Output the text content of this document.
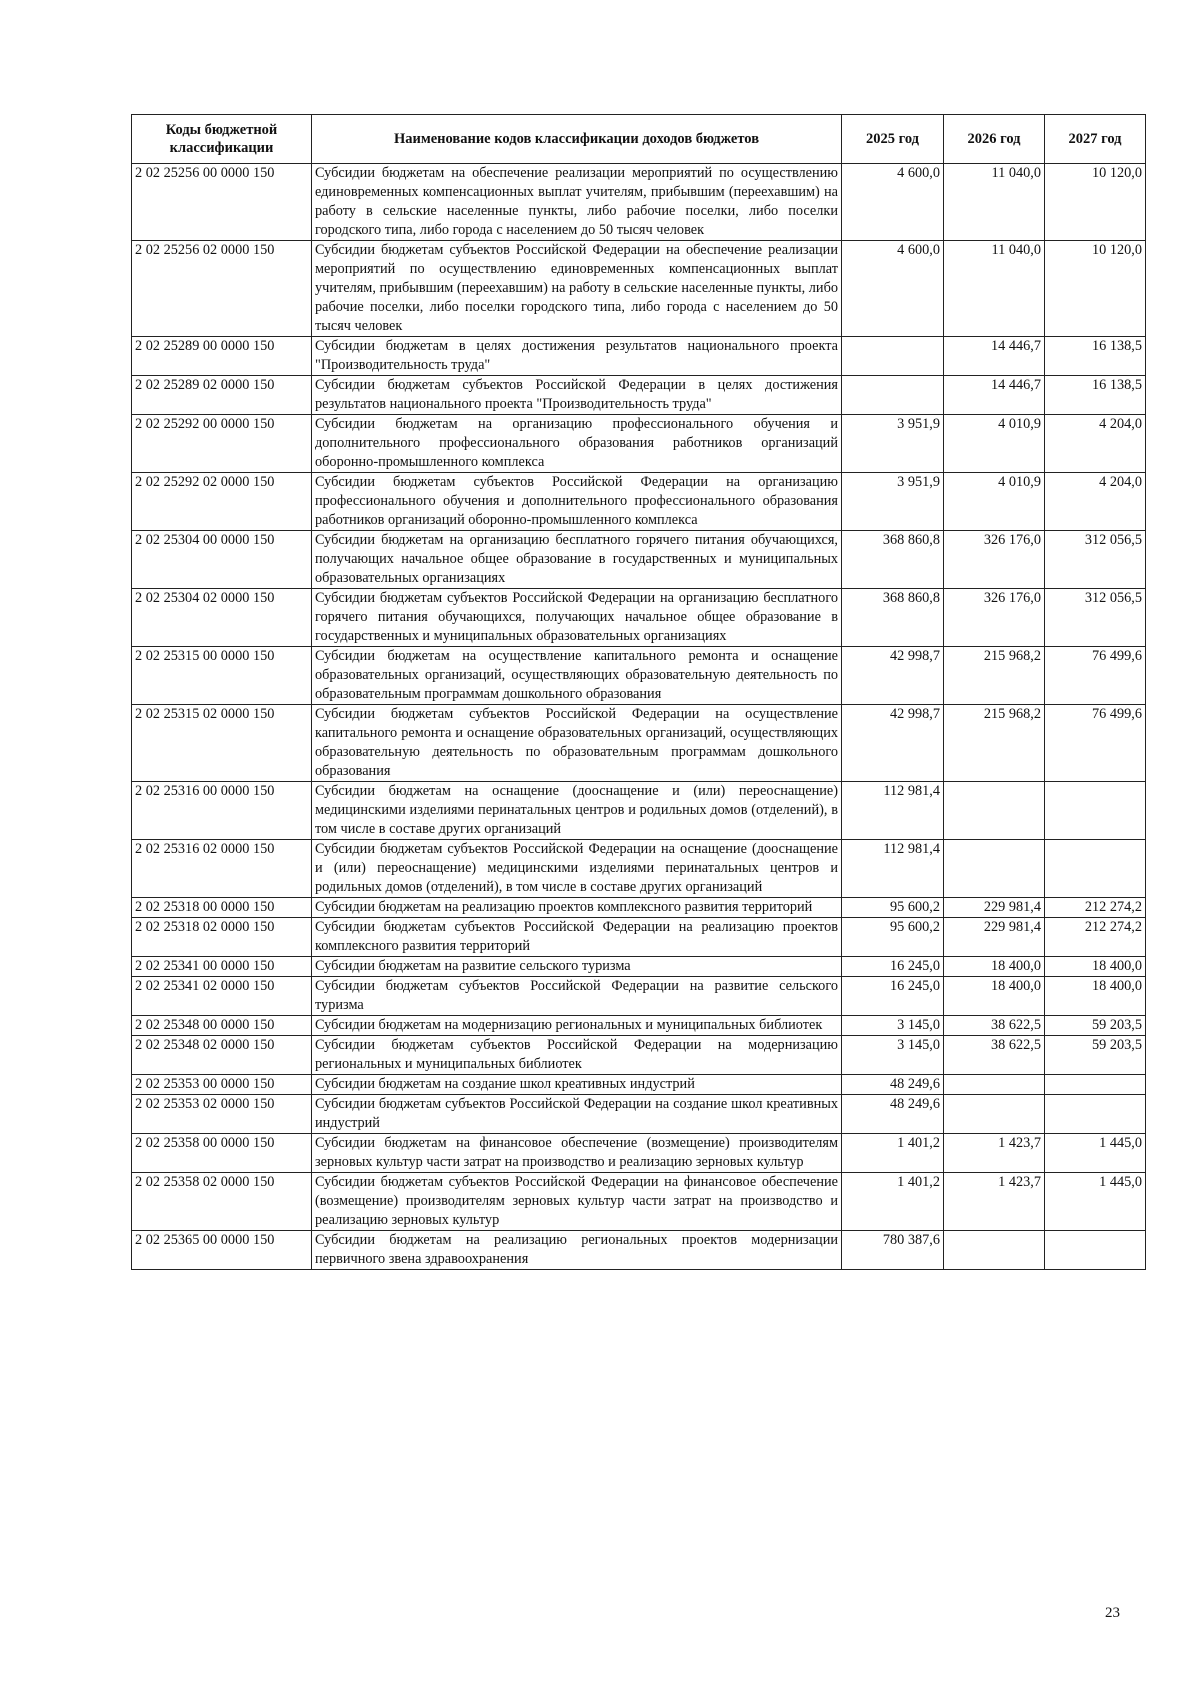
Коды бюджетной классификации	Наименование кодов классификации доходов бюджетов	2025 год	2026 год	2027 год
2 02 25256 00 0000 150	Субсидии бюджетам на обеспечение реализации мероприятий по осуществлению единовременных компенсационных выплат учителям, прибывшим (переехавшим) на работу в сельские населенные пункты, либо рабочие поселки, либо поселки городского типа, либо города с населением до 50 тысяч человек	4 600,0	11 040,0	10 120,0
2 02 25256 02 0000 150	Субсидии бюджетам субъектов Российской Федерации на обеспечение реализации мероприятий по осуществлению единовременных компенсационных выплат учителям, прибывшим (переехавшим) на работу в сельские населенные пункты, либо рабочие поселки, либо поселки городского типа, либо города с населением до 50 тысяч человек	4 600,0	11 040,0	10 120,0
2 02 25289 00 0000 150	Субсидии бюджетам в целях достижения результатов национального проекта "Производительность труда"		14 446,7	16 138,5
2 02 25289 02 0000 150	Субсидии бюджетам субъектов Российской Федерации в целях достижения результатов национального проекта "Производительность труда"		14 446,7	16 138,5
2 02 25292 00 0000 150	Субсидии бюджетам на организацию профессионального обучения и дополнительного профессионального образования работников организаций оборонно-промышленного комплекса	3 951,9	4 010,9	4 204,0
2 02 25292 02 0000 150	Субсидии бюджетам субъектов Российской Федерации на организацию профессионального обучения и дополнительного профессионального образования работников организаций оборонно-промышленного комплекса	3 951,9	4 010,9	4 204,0
2 02 25304 00 0000 150	Субсидии бюджетам на организацию бесплатного горячего питания обучающихся, получающих начальное общее образование в государственных и муниципальных образовательных организациях	368 860,8	326 176,0	312 056,5
2 02 25304 02 0000 150	Субсидии бюджетам субъектов Российской Федерации на организацию бесплатного горячего питания обучающихся, получающих начальное общее образование в государственных и муниципальных образовательных организациях	368 860,8	326 176,0	312 056,5
2 02 25315 00 0000 150	Субсидии бюджетам на осуществление капитального ремонта и оснащение образовательных организаций, осуществляющих образовательную деятельность по образовательным программам дошкольного образования	42 998,7	215 968,2	76 499,6
2 02 25315 02 0000 150	Субсидии бюджетам субъектов Российской Федерации на осуществление капитального ремонта и оснащение образовательных организаций, осуществляющих образовательную деятельность по образовательным программам дошкольного образования	42 998,7	215 968,2	76 499,6
2 02 25316 00 0000 150	Субсидии бюджетам на оснащение (дооснащение и (или) переоснащение) медицинскими изделиями перинатальных центров и родильных домов (отделений), в том числе в составе других организаций	112 981,4		
2 02 25316 02 0000 150	Субсидии бюджетам субъектов Российской Федерации на оснащение (дооснащение и (или) переоснащение) медицинскими изделиями перинатальных центров и родильных домов (отделений), в том числе в составе других организаций	112 981,4		
2 02 25318 00 0000 150	Субсидии бюджетам на реализацию проектов комплексного развития территорий	95 600,2	229 981,4	212 274,2
2 02 25318 02 0000 150	Субсидии бюджетам субъектов Российской Федерации на реализацию проектов комплексного развития территорий	95 600,2	229 981,4	212 274,2
2 02 25341 00 0000 150	Субсидии бюджетам на развитие сельского туризма	16 245,0	18 400,0	18 400,0
2 02 25341 02 0000 150	Субсидии бюджетам субъектов Российской Федерации на развитие сельского туризма	16 245,0	18 400,0	18 400,0
2 02 25348 00 0000 150	Субсидии бюджетам на модернизацию региональных и муниципальных библиотек	3 145,0	38 622,5	59 203,5
2 02 25348 02 0000 150	Субсидии бюджетам субъектов Российской Федерации на модернизацию региональных и муниципальных библиотек	3 145,0	38 622,5	59 203,5
2 02 25353 00 0000 150	Субсидии бюджетам на создание школ креативных индустрий	48 249,6		
2 02 25353 02 0000 150	Субсидии бюджетам субъектов Российской Федерации на создание школ креативных индустрий	48 249,6		
2 02 25358 00 0000 150	Субсидии бюджетам на финансовое обеспечение (возмещение) производителям зерновых культур части затрат на производство и реализацию зерновых культур	1 401,2	1 423,7	1 445,0
2 02 25358 02 0000 150	Субсидии бюджетам субъектов Российской Федерации на финансовое обеспечение (возмещение) производителям зерновых культур части затрат на производство и реализацию зерновых культур	1 401,2	1 423,7	1 445,0
2 02 25365 00 0000 150	Субсидии бюджетам на реализацию региональных проектов модернизации первичного звена здравоохранения	780 387,6		
23
